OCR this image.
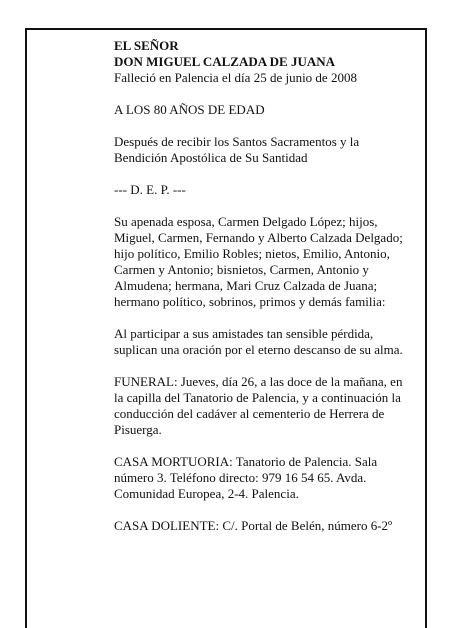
EL SEÑOR
DON MIGUEL CALZADA DE JUANA
Falleció en Palencia el día 25 de junio de 2008
A LOS 80 AÑOS DE EDAD
Después de recibir los Santos Sacramentos y la
Bendición Apostólica de Su Santidad
--- D. E. P. ---
Su apenada esposa, Carmen Delgado López; hijos,
Miguel, Carmen, Fernando y Alberto Calzada Delgado;
hijo político, Emilio Robles; nietos, Emilio, Antonio,
Carmen y Antonio; bisnietos, Carmen, Antonio y
Almudena; hermana, Mari Cruz Calzada de Juana;
hermano político, sobrinos, primos y demás familia:
Al participar a sus amistades tan sensible pérdida,
suplican una oración por el eterno descanso de su alma.
FUNERAL: Jueves, día 26, a las doce de la mañana, en
la capilla del Tanatorio de Palencia, y a continuación la
conducción del cadáver al cementerio de Herrera de
Pisuerga.
CASA MORTUORIA: Tanatorio de Palencia. Sala
número 3. Teléfono directo: 979 16 54 65. Avda.
Comunidad Europea, 2-4. Palencia.
CASA DOLIENTE: C/. Portal de Belén, número 6-2º
